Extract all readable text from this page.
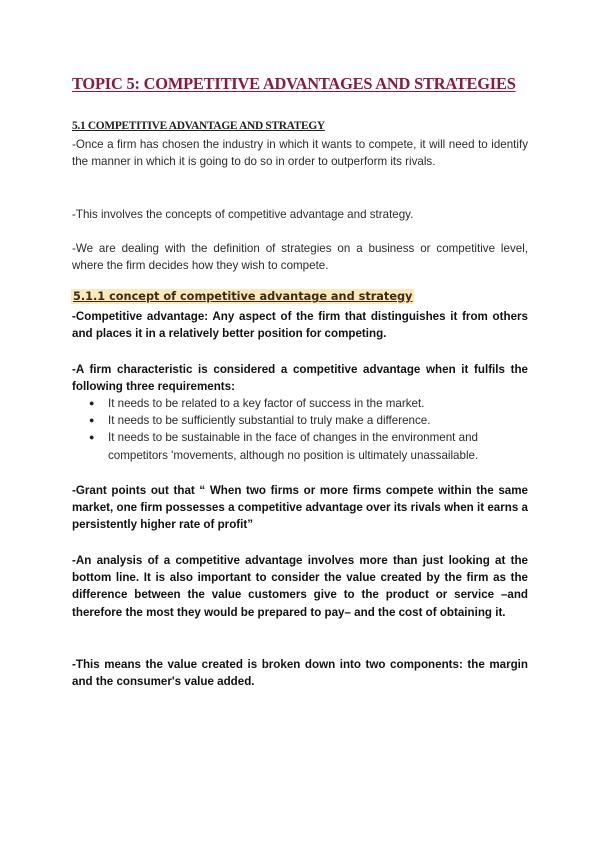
TOPIC 5: COMPETITIVE ADVANTAGES AND STRATEGIES
5.1 COMPETITIVE ADVANTAGE AND STRATEGY

-Once a firm has chosen the industry in which it wants to compete, it will need to identify the manner in which it is going to do so in order to outperform its rivals.

-This involves the concepts of competitive advantage and strategy.

-We are dealing with the definition of strategies on a business or competitive level, where the firm decides how they wish to compete.

5.1.1 concept of competitive advantage and strategy

-Competitive advantage: Any aspect of the firm that distinguishes it from others and places it in a relatively better position for competing.

-A firm characteristic is considered a competitive advantage when it fulfils the following three requirements:

● It needs to be related to a key factor of success in the market.
● It needs to be sufficiently substantial to truly make a difference.
● It needs to be sustainable in the face of changes in the environment and competitors 'movements, although no position is ultimately unassailable.

-Grant points out that “ When two firms or more firms compete within the same market, one firm possesses a competitive advantage over its rivals when it earns a persistently higher rate of profit”

-An analysis of a competitive advantage involves more than just looking at the bottom line. It is also important to consider the value created by the firm as the difference between the value customers give to the product or service –and therefore the most they would be prepared to pay– and the cost of obtaining it.

-This means the value created is broken down into two components: the margin and the consumer's value added.
